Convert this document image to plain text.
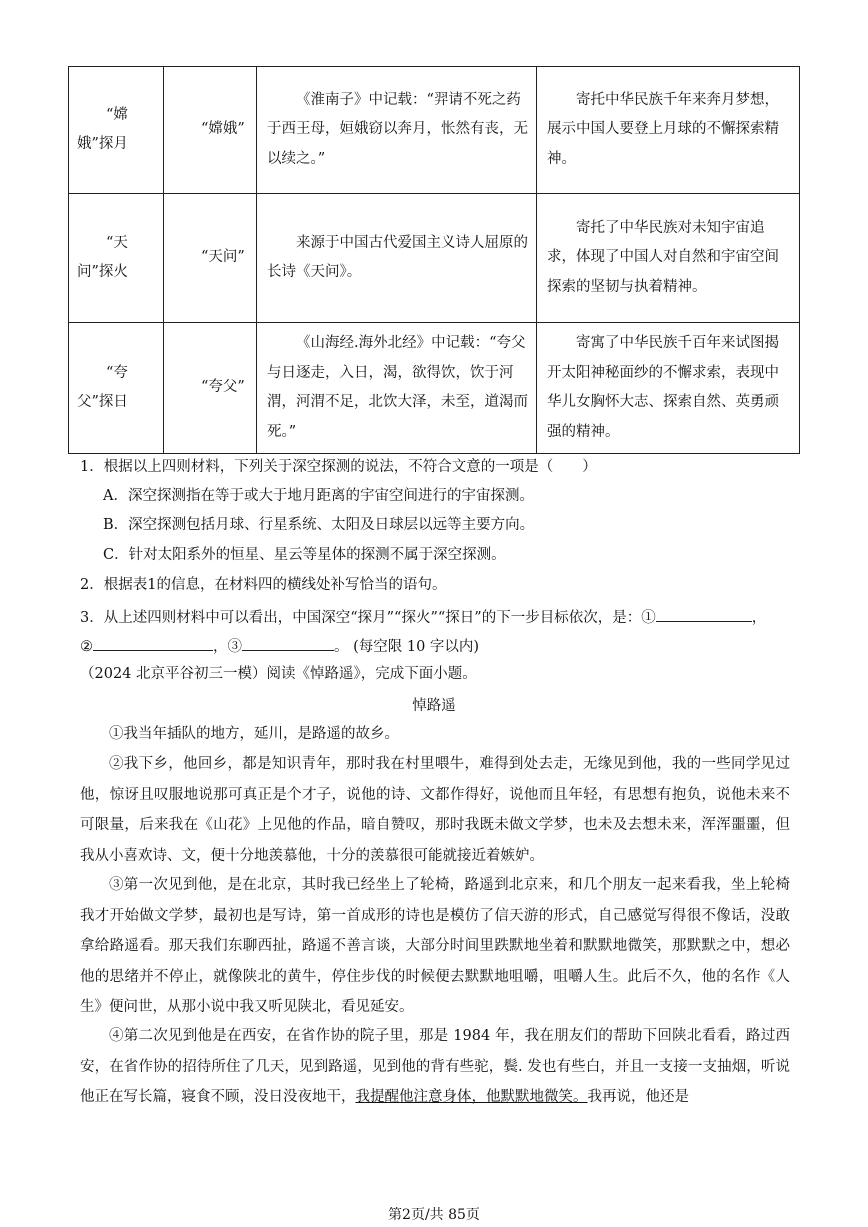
“嫦娥”探月	“嫦娥”	《淮南子》中记载：“羿请不死之药于西王母，姮娥窃以奔月，怅然有丧，无以续之。”	寄托中华民族千年来奔月梦想，展示中国人要登上月球的不懈探索精神。

“天问”探火	“天问”	来源于中国古代爱国主义诗人屈原的长诗《天问》。	寄托了中华民族对未知宇宙追求，体现了中国人对自然和宇宙空间探索的坚韧与执着精神。

“夸父”探日	“夸父”	《山海经.海外北经》中记载：“夸父与日逐走，入日，渴，欲得饮，饮于河渭，河渭不足，北饮大泽，未至，道渴而死。”	寄寓了中华民族千百年来试图揭开太阳神秘面纱的不懈求索，表现中华儿女胸怀大志、探索自然、英勇顽强的精神。
1．根据以上四则材料，下列关于深空探测的说法，不符合文意的一项是（　　）
A．深空探测指在等于或大于地月距离的宇宙空间进行的宇宙探测。
B．深空探测包括月球、行星系统、太阳及日球层以远等主要方向。
C．针对太阳系外的恒星、星云等星体的探测不属于深空探测。
2．根据表1的信息，在材料四的横线处补写恰当的语句。
3．从上述四则材料中可以看出，中国深空“探月”“探火”“探日”的下一步目标依次，是：①	，
②	，③	。 (每空限 10 字以内)
（2024 北京平谷初三一模）阅读《悼路遥》，完成下面小题。
悼路遥
①我当年插队的地方，延川，是路遥的故乡。
②我下乡，他回乡，都是知识青年，那时我在村里喂牛，难得到处去走，无缘见到他，我的一些同学见过他，惊讶且叹服地说那可真正是个才子，说他的诗、文都作得好，说他而且年轻，有思想有抱负，说他未来不可限量，后来我在《山花》上见他的作品，暗自赞叹，那时我既未做文学梦，也未及去想未来，浑浑噩噩，但我从小喜欢诗、文，便十分地羡慕他，十分的羡慕很可能就接近着嫉妒。
③第一次见到他，是在北京，其时我已经坐上了轮椅，路遥到北京来，和几个朋友一起来看我，坐上轮椅我才开始做文学梦，最初也是写诗，第一首成形的诗也是模仿了信天游的形式，自己感觉写得很不像话，没敢拿给路遥看。那天我们东聊西扯，路遥不善言谈，大部分时间里跌默地坐着和默默地微笑，那默默之中，想必他的思绪并不停止，就像陕北的黄牛，停住步伐的时候便去默默地咀嚼，咀嚼人生。此后不久，他的名作《人生》便问世，从那小说中我又听见陕北，看见延安。
④第二次见到他是在西安，在省作协的院子里，那是 1984 年，我在朋友们的帮助下回陕北看看，路过西安，在省作协的招待所住了几天，见到路遥，见到他的背有些驼，鬓. 发也有些白，并且一支接一支抽烟，听说他正在写长篇，寝食不顾，没日没夜地干，我提醒他注意身体，他默默地微笑。我再说，他还是
第2页/共 85页
